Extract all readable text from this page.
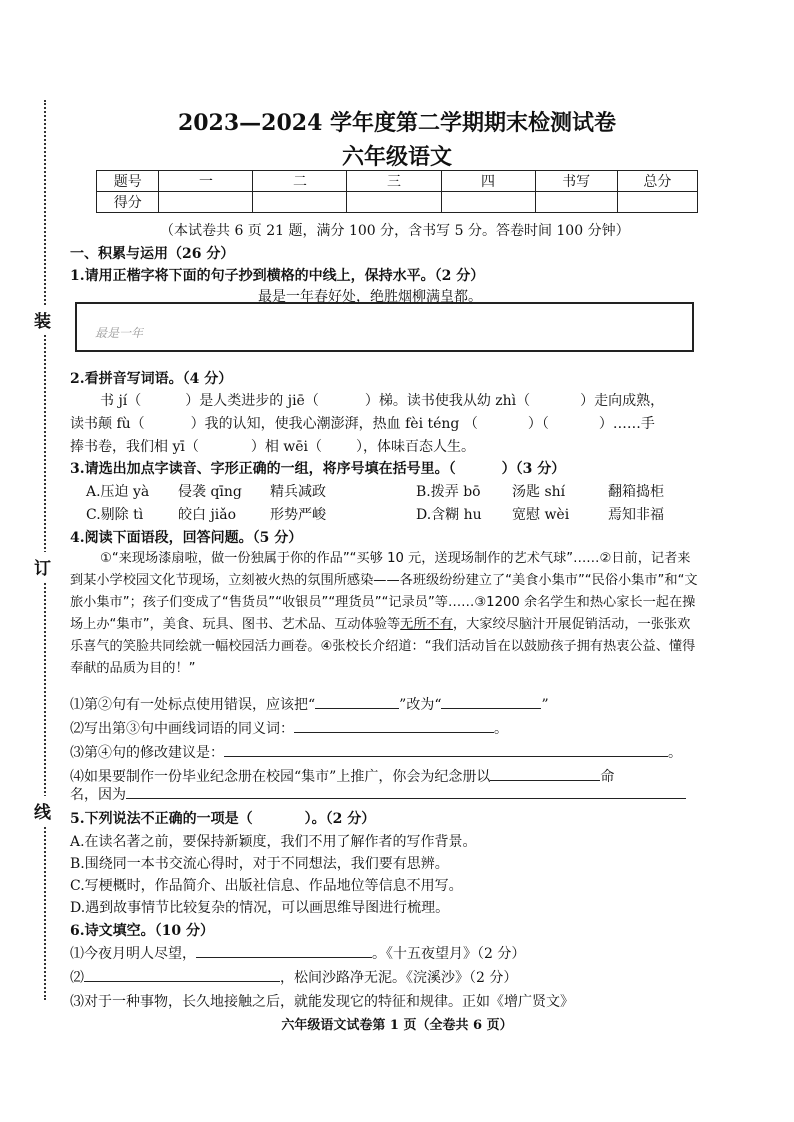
装
订
线
2023—2024 学年度第二学期期末检测试卷
六年级语文
题号	一	二	三	四	书写	总分
得分						
（本试卷共 6 页 21 题，满分 100 分，含书写 5 分。答卷时间 100 分钟）
一、积累与运用（26 分）
1.请用正楷字将下面的句子抄到横格的中线上，保持水平。（2 分）
最是一年春好处，绝胜烟柳满皇都。
最是一年
2.看拼音写词语。（4 分）
书 jí（	）是人类进步的 jiē（	）梯。读书使我从幼 zhì（	）走向成熟，
读书颠 fù（	）我的认知，使我心潮澎湃，热血 fèi téng （	）（	）……手
捧书卷，我们相 yī（	）相 wēi（ ），体味百态人生。
3.请选出加点字读音、字形正确的一组，将序号填在括号里。（	）（3 分）
A.压迫 yà 侵袭 qīng 精兵减政	B.拨弄 bō 汤匙 shí	翻箱捣柜
C.剔除 tì 皎白 jiǎo 形势严峻	D.含糊 hu 宽慰 wèi	焉知非福
4.阅读下面语段，回答问题。（5 分）
①“来现场漆扇啦，做一份独属于你的作品”“买够 10 元，送现场制作的艺术气球”……②日前，记者来到某小学校园文化节现场，立刻被火热的氛围所感染——各班级纷纷建立了“美食小集市”“民俗小集市”和“文旅小集市”；孩子们变成了“售货员”“收银员”“理货员”“记录员”等……③1200 余名学生和热心家长一起在操场上办“集市”，美食、玩具、图书、艺术品、互动体验等无所不有，大家绞尽脑汁开展促销活动，一张张欢乐喜气的笑脸共同绘就一幅校园活力画卷。④张校长介绍道：“我们活动旨在以鼓励孩子拥有热衷公益、懂得奉献的品质为目的！”
⑴第②句有一处标点使用错误，应该把“	”改为“	”
⑵写出第③句中画线词语的同义词：	。
⑶第④句的修改建议是：	。
⑷如果要制作一份毕业纪念册在校园“集市”上推广，你会为纪念册以	命
名，因为
5.下列说法不正确的一项是（	）。（2 分）
A.在读名著之前，要保持新颖度，我们不用了解作者的写作背景。
B.围绕同一本书交流心得时，对于不同想法，我们要有思辨。
C.写梗概时，作品简介、出版社信息、作品地位等信息不用写。
D.遇到故事情节比较复杂的情况，可以画思维导图进行梳理。
6.诗文填空。（10 分）
⑴今夜月明人尽望，	。《十五夜望月》（2 分）
⑵	，松间沙路净无泥。《浣溪沙》（2 分）
⑶对于一种事物，长久地接触之后，就能发现它的特征和规律。正如《增广贤文》
六年级语文试卷第 1 页（全卷共 6 页）
